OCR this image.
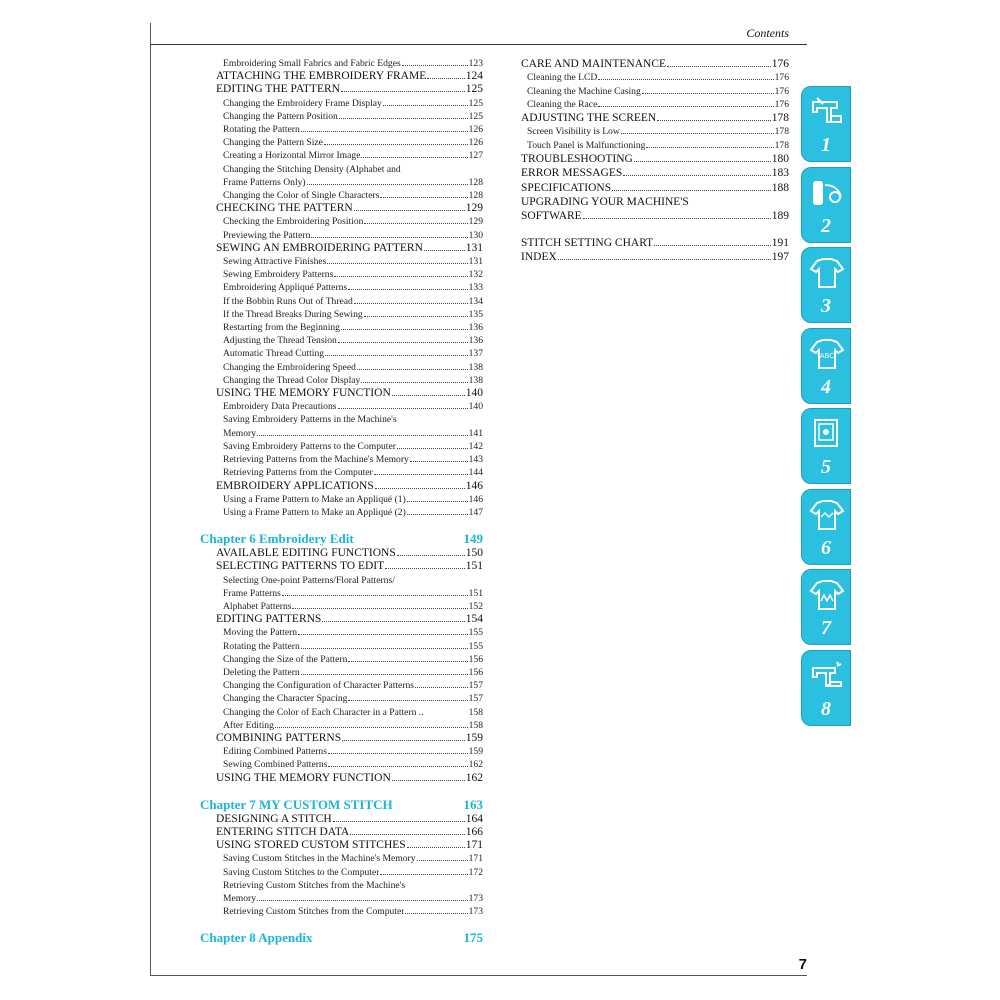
Contents
7
Embroidering Small Fabrics and Fabric Edges	123
ATTACHING THE EMBROIDERY FRAME	124
EDITING THE PATTERN	125
Changing the Embroidery Frame Display	125
Changing the Pattern Position	125
Rotating the Pattern	126
Changing the Pattern Size	126
Creating a Horizontal Mirror Image	127
Changing the Stitching Density (Alphabet and
Frame Patterns Only)	128
Changing the Color of Single Characters	128
CHECKING THE PATTERN	129
Checking the Embroidering Position	129
Previewing the Pattern	130
SEWING AN EMBROIDERING PATTERN	131
Sewing Attractive Finishes	131
Sewing Embroidery Patterns	132
Embroidering Appliqué Patterns	133
If the Bobbin Runs Out of Thread	134
If the Thread Breaks During Sewing	135
Restarting from the Beginning	136
Adjusting the Thread Tension	136
Automatic Thread Cutting	137
Changing the Embroidering Speed	138
Changing the Thread Color Display	138
USING THE MEMORY FUNCTION	140
Embroidery Data Precautions	140
Saving Embroidery Patterns in the Machine's
Memory	141
Saving Embroidery Patterns to the Computer	142
Retrieving Patterns from the Machine's Memory	143
Retrieving Patterns from the Computer	144
EMBROIDERY APPLICATIONS	146
Using a Frame Pattern to Make an Appliqué (1)	146
Using a Frame Pattern to Make an Appliqué (2)	147
Chapter 6 Embroidery Edit	149
AVAILABLE EDITING FUNCTIONS	150
SELECTING PATTERNS TO EDIT	151
Selecting One-point Patterns/Floral Patterns/
Frame Patterns	151
Alphabet Patterns	152
EDITING PATTERNS	154
Moving the Pattern	155
Rotating the Pattern	155
Changing the Size of the Pattern	156
Deleting the Pattern	156
Changing the Configuration of Character Patterns	157
Changing the Character Spacing	157
Changing the Color of Each Character in a Pattern ..	158
After Editing	158
COMBINING PATTERNS	159
Editing Combined Patterns	159
Sewing Combined Patterns	162
USING THE MEMORY FUNCTION	162
Chapter 7 MY CUSTOM STITCH	163
DESIGNING A STITCH	164
ENTERING STITCH DATA	166
USING STORED CUSTOM STITCHES	171
Saving Custom Stitches in the Machine's Memory	171
Saving Custom Stitches to the Computer	172
Retrieving Custom Stitches from the Machine's
Memory	173
Retrieving Custom Stitches from the Computer	173
Chapter 8 Appendix	175
CARE AND MAINTENANCE	176
Cleaning the LCD	176
Cleaning the Machine Casing	176
Cleaning the Race	176
ADJUSTING THE SCREEN	178
Screen Visibility is Low	178
Touch Panel is Malfunctioning	178
TROUBLESHOOTING	180
ERROR MESSAGES	183
SPECIFICATIONS	188
UPGRADING YOUR MACHINE'S
SOFTWARE	189
STITCH SETTING CHART	191
INDEX	197
1
2
3
ABC
4
5
6
7
8
